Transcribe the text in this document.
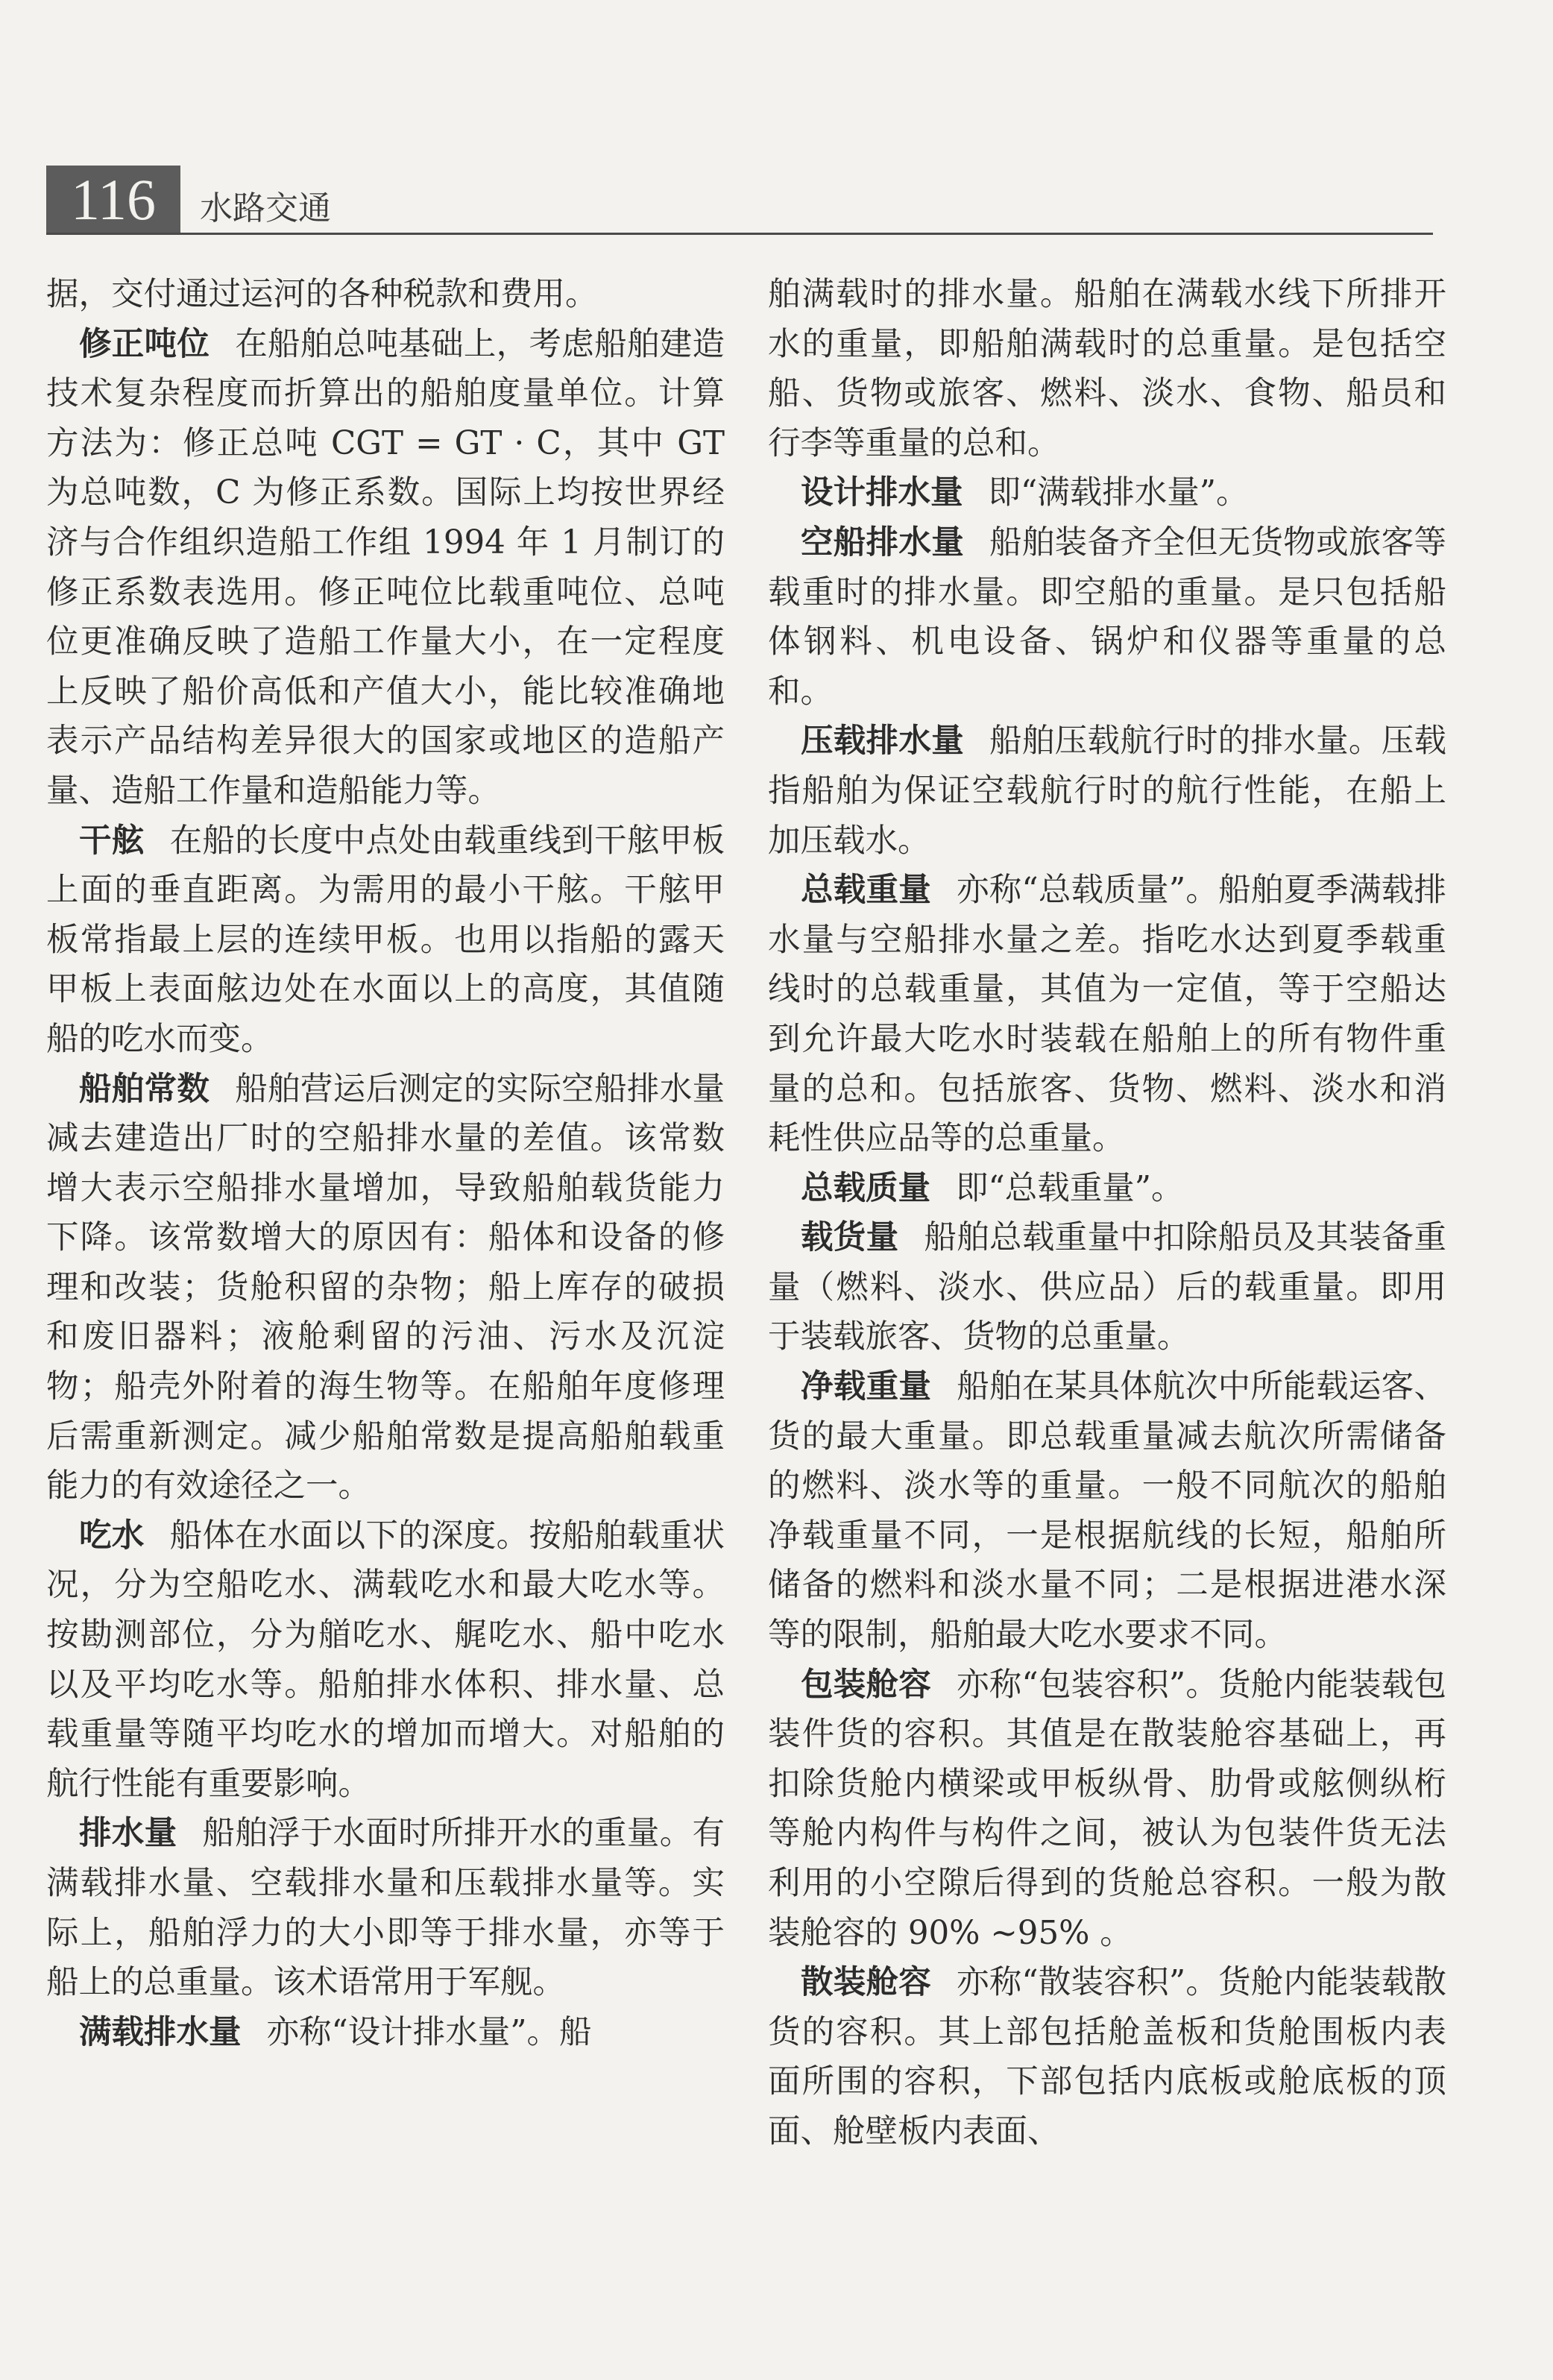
116	水路交通

据，交付通过运河的各种税款和费用。

修正吨位 在船舶总吨基础上，考虑船舶建造技术复杂程度而折算出的船舶度量单位。计算方法为：修正总吨 CGT = GT · C，其中 GT 为总吨数，C 为修正系数。国际上均按世界经济与合作组织造船工作组 1994 年 1 月制订的修正系数表选用。修正吨位比载重吨位、总吨位更准确反映了造船工作量大小，在一定程度上反映了船价高低和产值大小，能比较准确地表示产品结构差异很大的国家或地区的造船产量、造船工作量和造船能力等。

干舷 在船的长度中点处由载重线到干舷甲板上面的垂直距离。为需用的最小干舷。干舷甲板常指最上层的连续甲板。也用以指船的露天甲板上表面舷边处在水面以上的高度，其值随船的吃水而变。

船舶常数 船舶营运后测定的实际空船排水量减去建造出厂时的空船排水量的差值。该常数增大表示空船排水量增加，导致船舶载货能力下降。该常数增大的原因有：船体和设备的修理和改装；货舱积留的杂物；船上库存的破损和废旧器料；液舱剩留的污油、污水及沉淀物；船壳外附着的海生物等。在船舶年度修理后需重新测定。减少船舶常数是提高船舶载重能力的有效途径之一。

吃水 船体在水面以下的深度。按船舶载重状况，分为空船吃水、满载吃水和最大吃水等。按勘测部位，分为艏吃水、艉吃水、船中吃水以及平均吃水等。船舶排水体积、排水量、总载重量等随平均吃水的增加而增大。对船舶的航行性能有重要影响。

排水量 船舶浮于水面时所排开水的重量。有满载排水量、空载排水量和压载排水量等。实际上，船舶浮力的大小即等于排水量，亦等于船上的总重量。该术语常用于军舰。

满载排水量 亦称“设计排水量”。船

舶满载时的排水量。船舶在满载水线下所排开水的重量，即船舶满载时的总重量。是包括空船、货物或旅客、燃料、淡水、食物、船员和行李等重量的总和。

设计排水量 即“满载排水量”。

空船排水量 船舶装备齐全但无货物或旅客等载重时的排水量。即空船的重量。是只包括船体钢料、机电设备、锅炉和仪器等重量的总和。

压载排水量 船舶压载航行时的排水量。压载指船舶为保证空载航行时的航行性能，在船上加压载水。

总载重量 亦称“总载质量”。船舶夏季满载排水量与空船排水量之差。指吃水达到夏季载重线时的总载重量，其值为一定值，等于空船达到允许最大吃水时装载在船舶上的所有物件重量的总和。包括旅客、货物、燃料、淡水和消耗性供应品等的总重量。

总载质量 即“总载重量”。

载货量 船舶总载重量中扣除船员及其装备重量（燃料、淡水、供应品）后的载重量。即用于装载旅客、货物的总重量。

净载重量 船舶在某具体航次中所能载运客、货的最大重量。即总载重量减去航次所需储备的燃料、淡水等的重量。一般不同航次的船舶净载重量不同，一是根据航线的长短，船舶所储备的燃料和淡水量不同；二是根据进港水深等的限制，船舶最大吃水要求不同。

包装舱容 亦称“包装容积”。货舱内能装载包装件货的容积。其值是在散装舱容基础上，再扣除货舱内横梁或甲板纵骨、肋骨或舷侧纵桁等舱内构件与构件之间，被认为包装件货无法利用的小空隙后得到的货舱总容积。一般为散装舱容的 90% ~95% 。

散装舱容 亦称“散装容积”。货舱内能装载散货的容积。其上部包括舱盖板和货舱围板内表面所围的容积，下部包括内底板或舱底板的顶面、舱壁板内表面、
